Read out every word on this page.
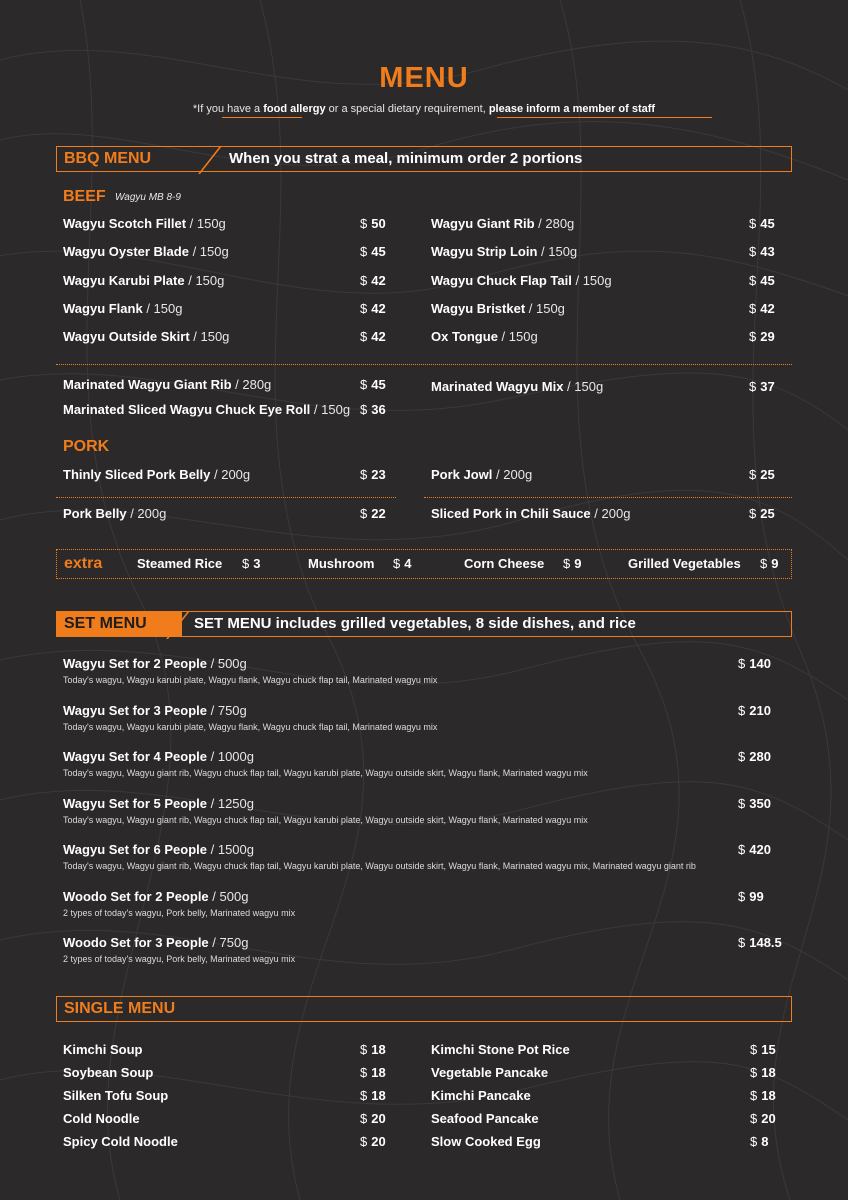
MENU
*If you have a food allergy or a special dietary requirement, please inform a member of staff
BBQ MENU	When you strat a meal, minimum order 2 portions
BEEF Wagyu MB 8-9
Wagyu Scotch Fillet / 150g	$ 50
Wagyu Oyster Blade / 150g	$ 45
Wagyu Karubi Plate / 150g	$ 42
Wagyu Flank / 150g	$ 42
Wagyu Outside Skirt / 150g	$ 42
Wagyu Giant Rib / 280g	$ 45
Wagyu Strip Loin / 150g	$ 43
Wagyu Chuck Flap Tail / 150g	$ 45
Wagyu Bristket / 150g	$ 42
Ox Tongue / 150g	$ 29
Marinated Wagyu Giant Rib / 280g	$ 45
Marinated Sliced Wagyu Chuck Eye Roll / 150g $ 36
Marinated Wagyu Mix / 150g	$ 37
PORK
Thinly Sliced Pork Belly / 200g	$ 23
Pork Belly / 200g	$ 22
Pork Jowl / 200g	$ 25
Sliced Pork in Chili Sauce / 200g	$ 25
extra	Steamed Rice $ 3	Mushroom $ 4	Corn Cheese $ 9	Grilled Vegetables $ 9
SET MENU	SET MENU includes grilled vegetables, 8 side dishes, and rice
Wagyu Set for 2 People / 500g	$ 140
Today's wagyu, Wagyu karubi plate, Wagyu flank, Wagyu chuck flap tail, Marinated wagyu mix
Wagyu Set for 3 People / 750g	$ 210
Today's wagyu, Wagyu karubi plate, Wagyu flank, Wagyu chuck flap tail, Marinated wagyu mix
Wagyu Set for 4 People / 1000g	$ 280
Today's wagyu, Wagyu giant rib, Wagyu chuck flap tail, Wagyu karubi plate, Wagyu outside skirt, Wagyu flank, Marinated wagyu mix
Wagyu Set for 5 People / 1250g	$ 350
Today's wagyu, Wagyu giant rib, Wagyu chuck flap tail, Wagyu karubi plate, Wagyu outside skirt, Wagyu flank, Marinated wagyu mix
Wagyu Set for 6 People / 1500g	$ 420
Today's wagyu, Wagyu giant rib, Wagyu chuck flap tail, Wagyu karubi plate, Wagyu outside skirt, Wagyu flank, Marinated wagyu mix, Marinated wagyu giant rib
Woodo Set for 2 People / 500g	$ 99
2 types of today's wagyu, Pork belly, Marinated wagyu mix
Woodo Set for 3 People / 750g	$ 148.5
2 types of today's wagyu, Pork belly, Marinated wagyu mix
SINGLE MENU
Kimchi Soup	$ 18
Soybean Soup	$ 18
Silken Tofu Soup	$ 18
Cold Noodle	$ 20
Spicy Cold Noodle	$ 20
Kimchi Stone Pot Rice	$ 15
Vegetable Pancake	$ 18
Kimchi Pancake	$ 18
Seafood Pancake	$ 20
Slow Cooked Egg	$ 8
